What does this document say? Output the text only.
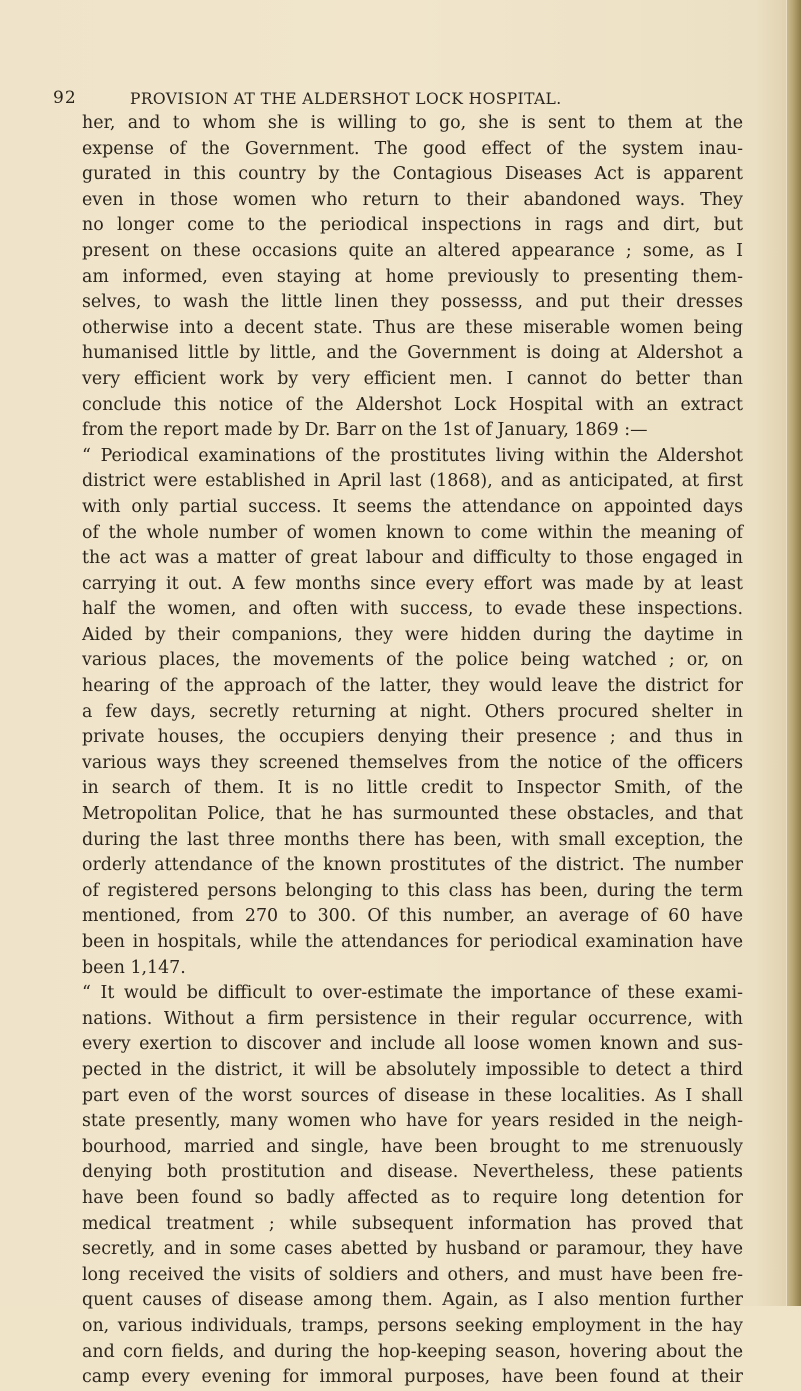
92	PROVISION AT THE ALDERSHOT LOCK HOSPITAL.
her, and to whom she is willing to go, she is sent to them at the
expense of the Government. The good effect of the system inau-
gurated in this country by the Contagious Diseases Act is apparent
even in those women who return to their abandoned ways. They
no longer come to the periodical inspections in rags and dirt, but
present on these occasions quite an altered appearance ; some, as I
am informed, even staying at home previously to presenting them-
selves, to wash the little linen they possesss, and put their dresses
otherwise into a decent state. Thus are these miserable women being
humanised little by little, and the Government is doing at Aldershot a
very efficient work by very efficient men. I cannot do better than
conclude this notice of the Aldershot Lock Hospital with an extract
from the report made by Dr. Barr on the 1st of January, 1869 :—
“ Periodical examinations of the prostitutes living within the Aldershot
district were established in April last (1868), and as anticipated, at first
with only partial success. It seems the attendance on appointed days
of the whole number of women known to come within the meaning of
the act was a matter of great labour and difficulty to those engaged in
carrying it out. A few months since every effort was made by at least
half the women, and often with success, to evade these inspections.
Aided by their companions, they were hidden during the daytime in
various places, the movements of the police being watched ; or, on
hearing of the approach of the latter, they would leave the district for
a few days, secretly returning at night. Others procured shelter in
private houses, the occupiers denying their presence ; and thus in
various ways they screened themselves from the notice of the officers
in search of them. It is no little credit to Inspector Smith, of the
Metropolitan Police, that he has surmounted these obstacles, and that
during the last three months there has been, with small exception, the
orderly attendance of the known prostitutes of the district. The number
of registered persons belonging to this class has been, during the term
mentioned, from 270 to 300. Of this number, an average of 60 have
been in hospitals, while the attendances for periodical examination have
been 1,147.
“ It would be difficult to over-estimate the importance of these exami-
nations. Without a firm persistence in their regular occurrence, with
every exertion to discover and include all loose women known and sus-
pected in the district, it will be absolutely impossible to detect a third
part even of the worst sources of disease in these localities. As I shall
state presently, many women who have for years resided in the neigh-
bourhood, married and single, have been brought to me strenuously
denying both prostitution and disease. Nevertheless, these patients
have been found so badly affected as to require long detention for
medical treatment ; while subsequent information has proved that
secretly, and in some cases abetted by husband or paramour, they have
long received the visits of soldiers and others, and must have been fre-
quent causes of disease among them. Again, as I also mention further
on, various individuals, tramps, persons seeking employment in the hay
and corn fields, and during the hop-keeping season, hovering about the
camp every evening for immoral purposes, have been found at their
